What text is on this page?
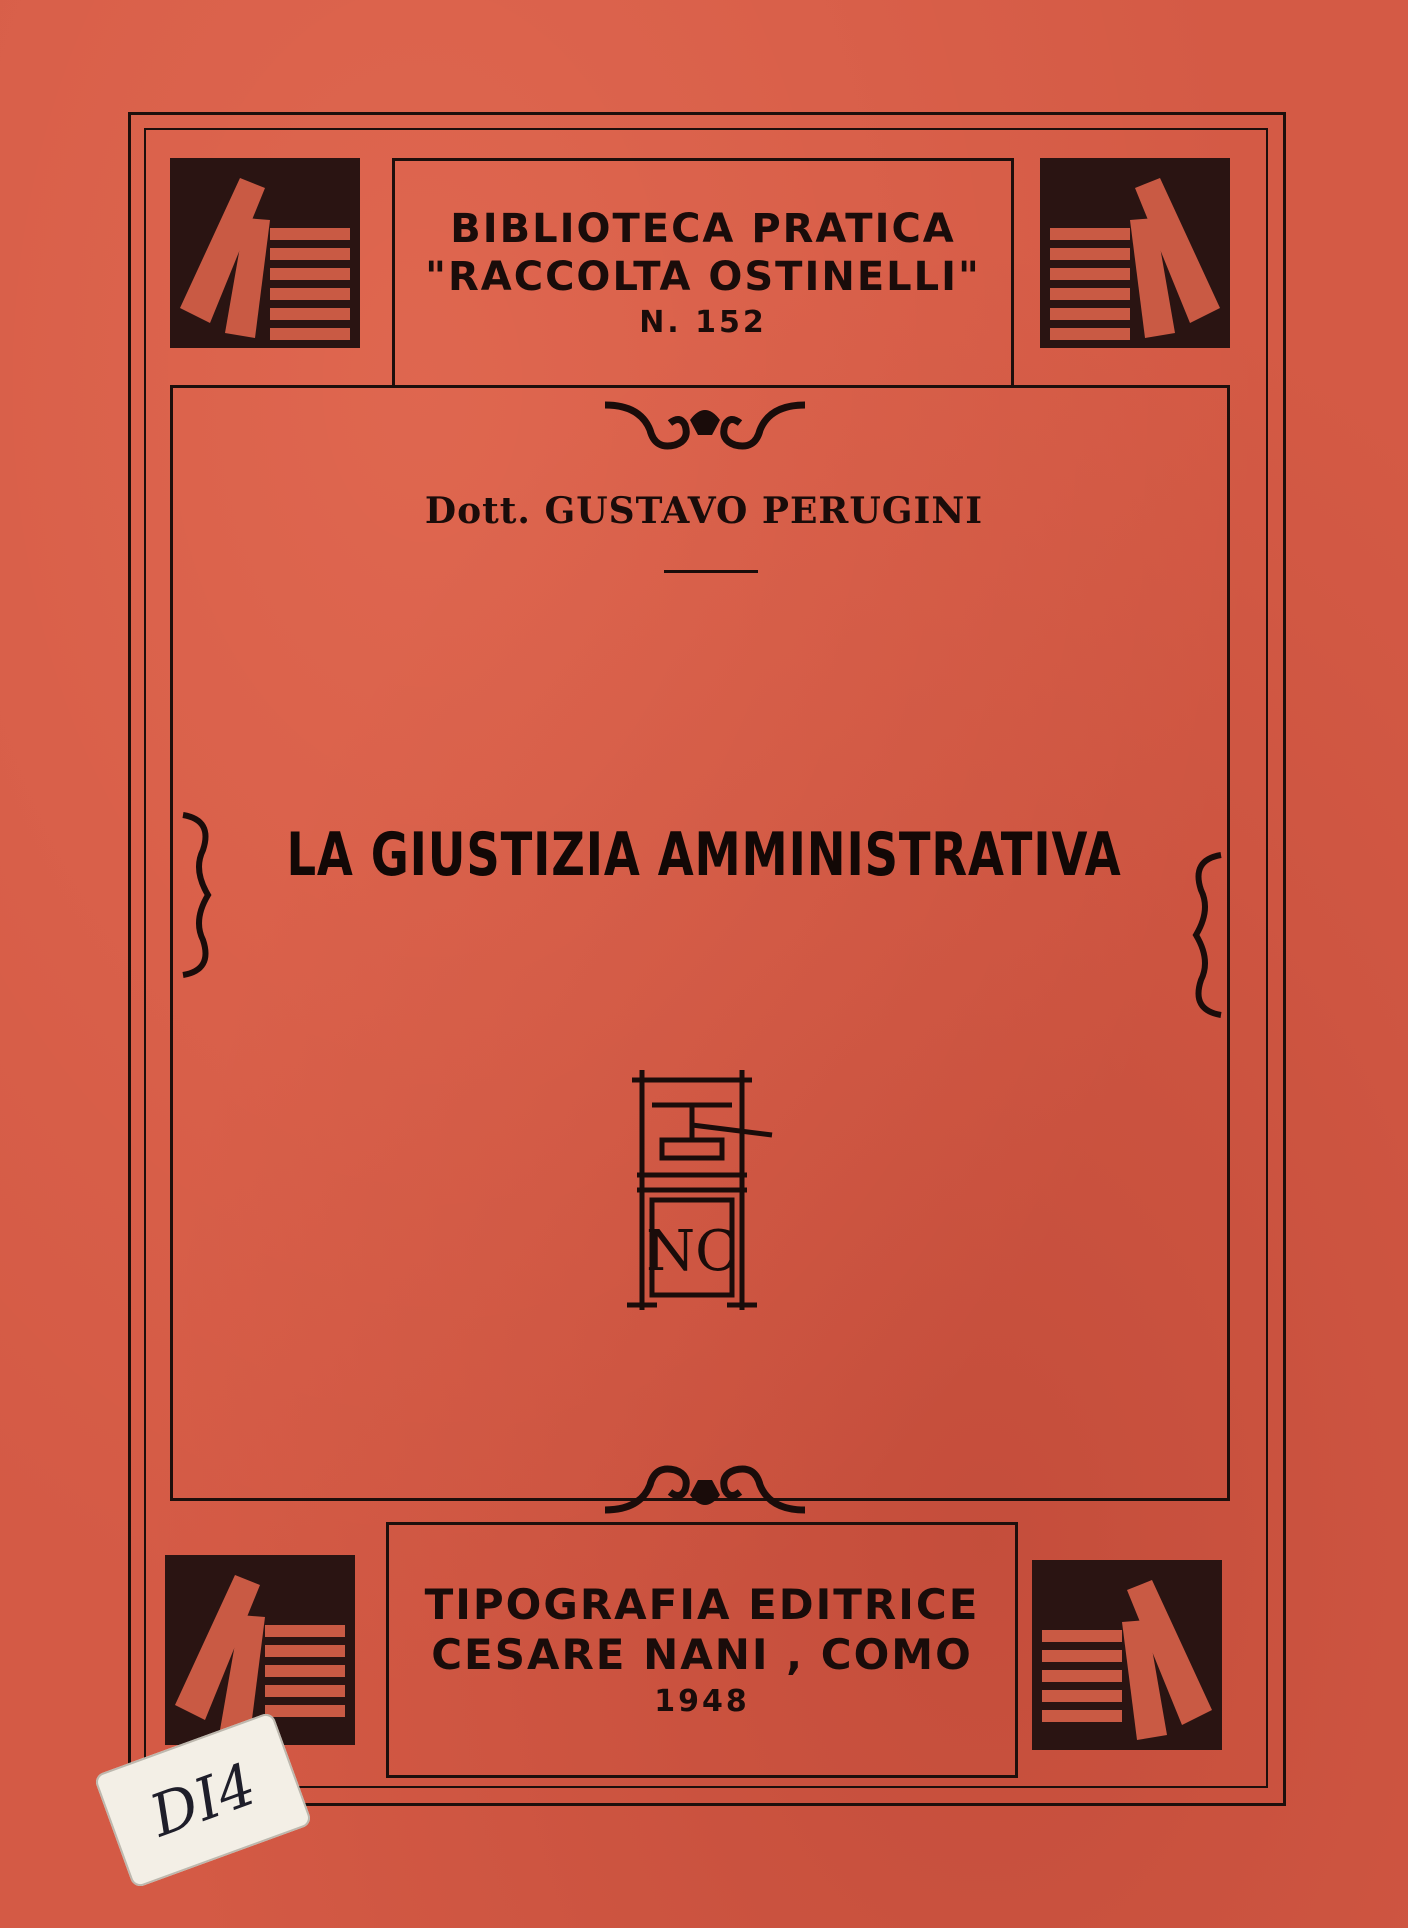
BIBLIOTECA PRATICA
"RACCOLTA OSTINELLI"
N. 152
Dott. GUSTAVO PERUGINI
LA GIUSTIZIA AMMINISTRATIVA
NC
TIPOGRAFIA EDITRICE
CESARE NANI , COMO
1948
DI4
